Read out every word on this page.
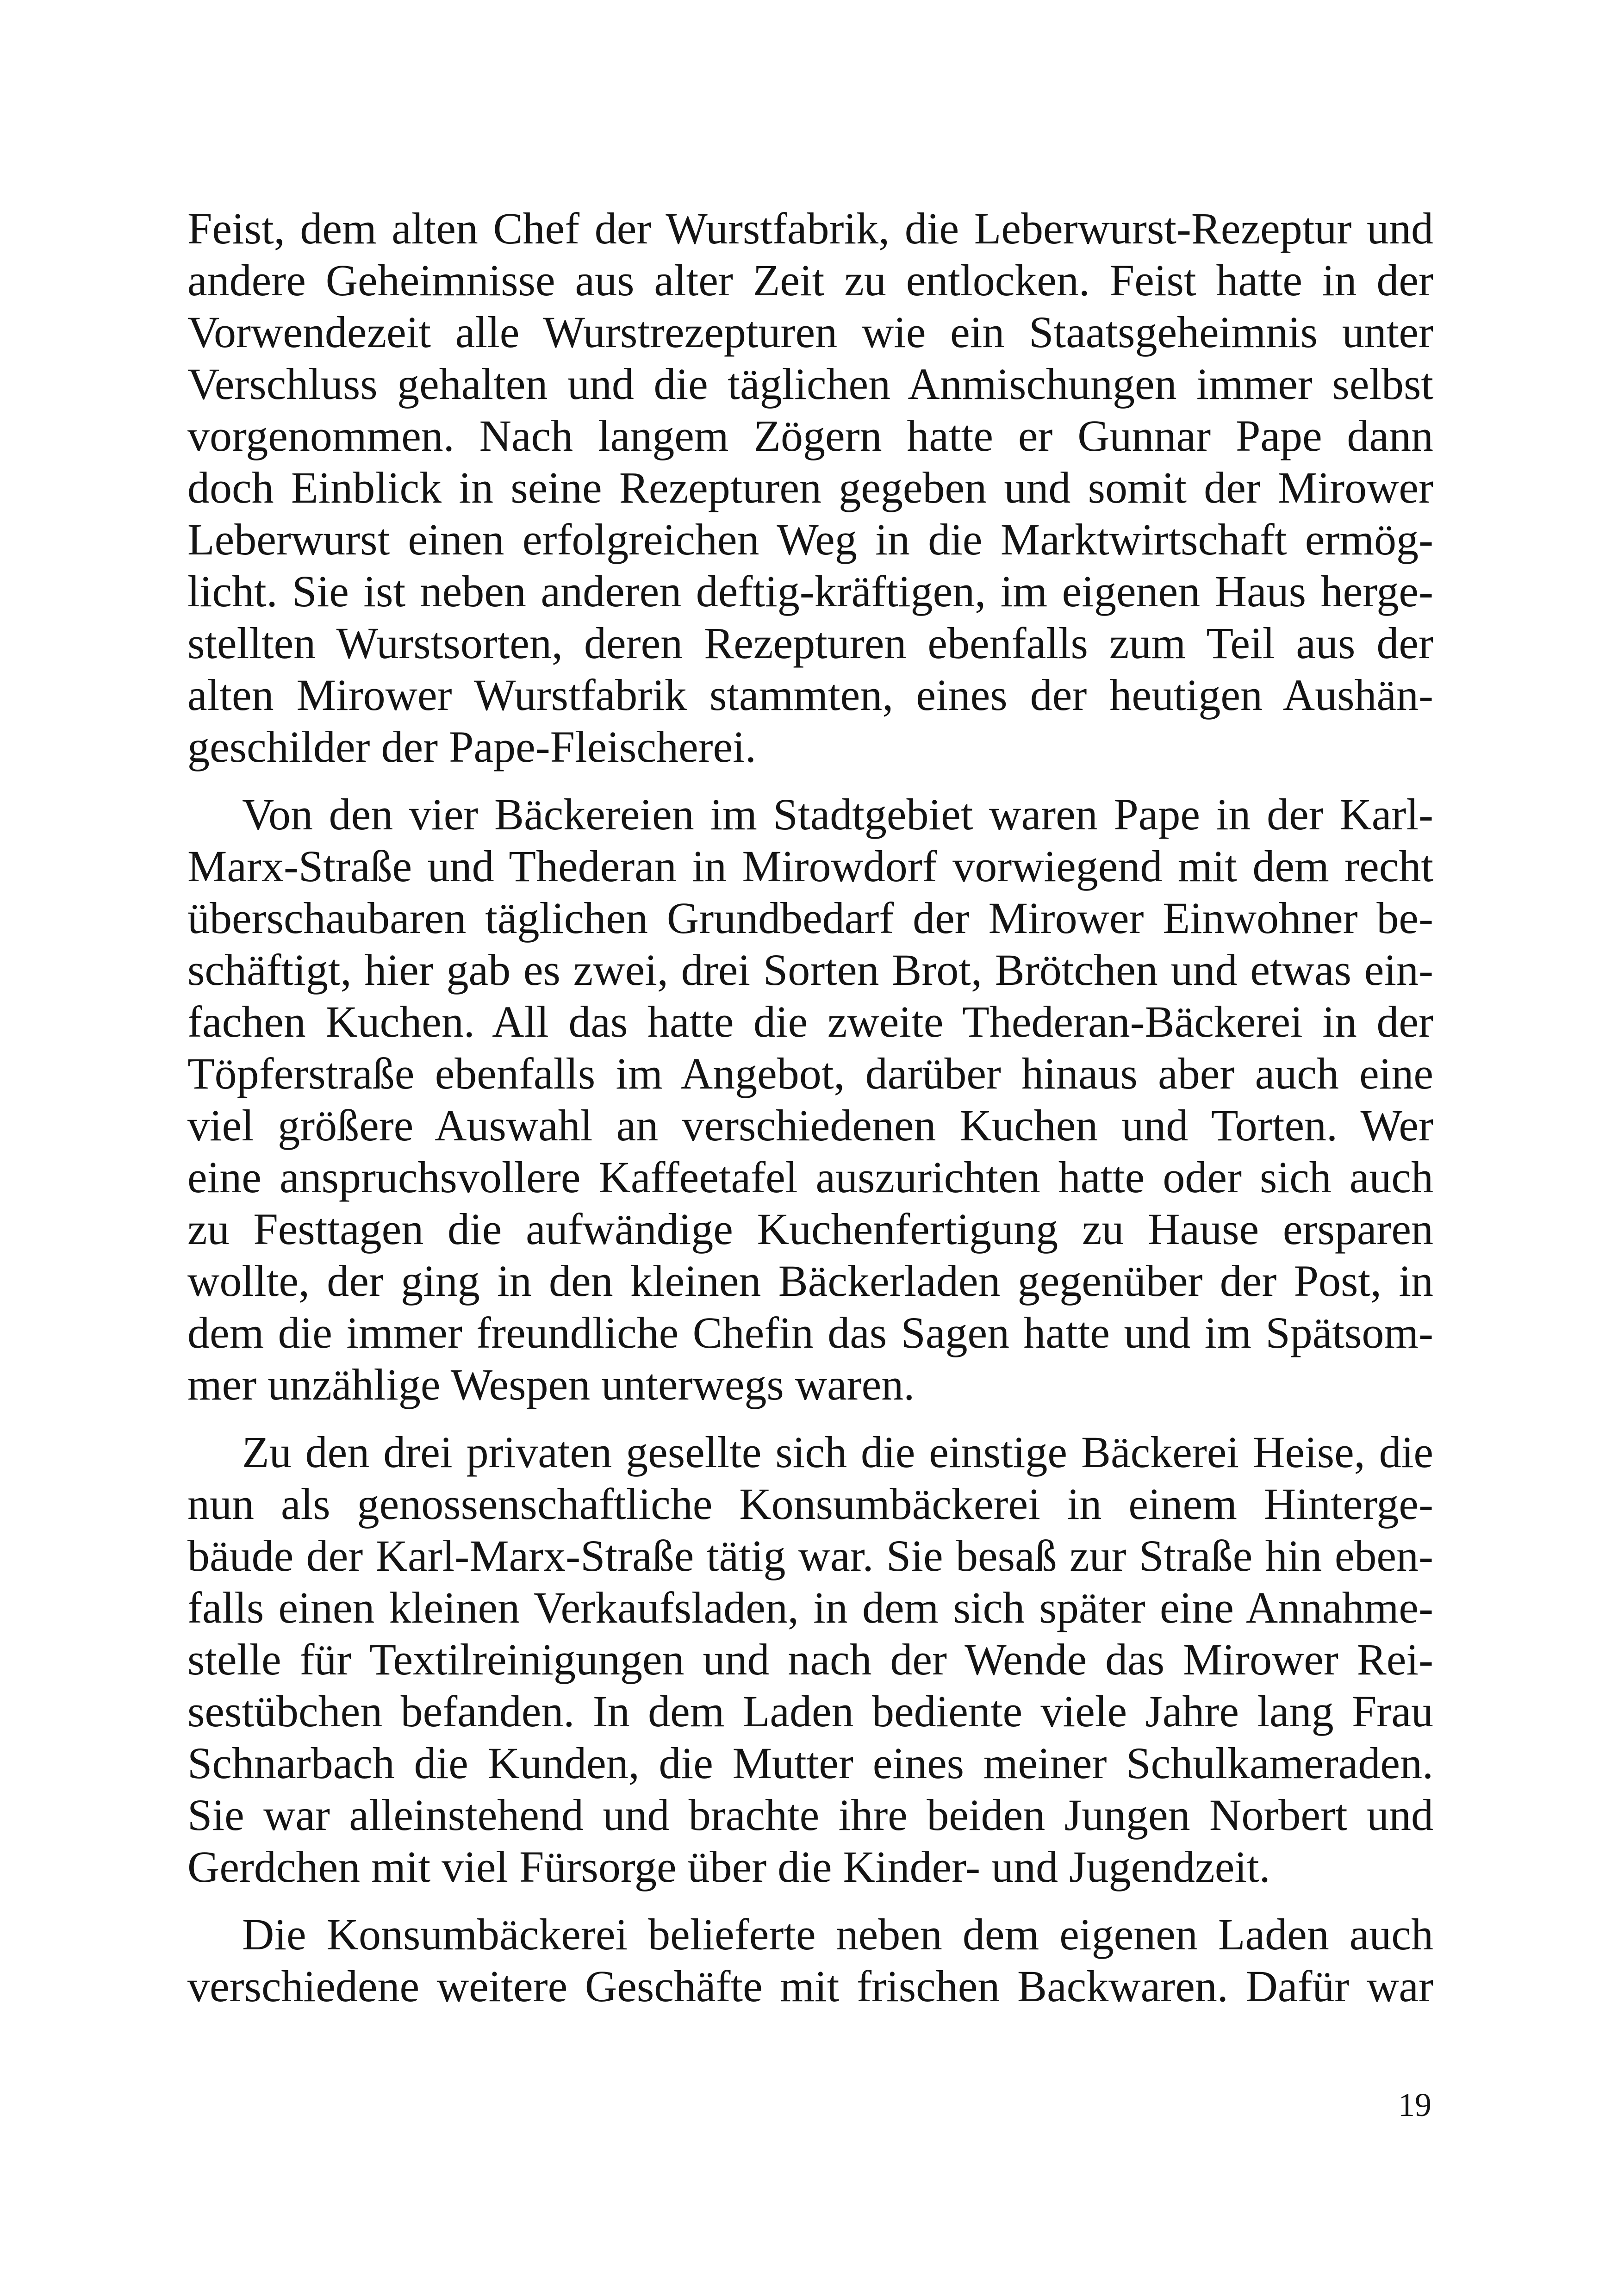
Feist, dem alten Chef der Wurstfabrik, die Leberwurst-Rezeptur und
andere Geheimnisse aus alter Zeit zu entlocken. Feist hatte in der
Vorwendezeit alle Wurstrezepturen wie ein Staatsgeheimnis unter
Verschluss gehalten und die täglichen Anmischungen immer selbst
vorgenommen. Nach langem Zögern hatte er Gunnar Pape dann
doch Einblick in seine Rezepturen gegeben und somit der Mirower
Leberwurst einen erfolgreichen Weg in die Marktwirtschaft ermög-
licht. Sie ist neben anderen deftig-kräftigen, im eigenen Haus herge-
stellten Wurstsorten, deren Rezepturen ebenfalls zum Teil aus der
alten Mirower Wurstfabrik stammten, eines der heutigen Aushän-
geschilder der Pape-Fleischerei.
Von den vier Bäckereien im Stadtgebiet waren Pape in der Karl-
Marx-Straße und Thederan in Mirowdorf vorwiegend mit dem recht
überschaubaren täglichen Grundbedarf der Mirower Einwohner be-
schäftigt, hier gab es zwei, drei Sorten Brot, Brötchen und etwas ein-
fachen Kuchen. All das hatte die zweite Thederan-Bäckerei in der
Töpferstraße ebenfalls im Angebot, darüber hinaus aber auch eine
viel größere Auswahl an verschiedenen Kuchen und Torten. Wer
eine anspruchsvollere Kaffeetafel auszurichten hatte oder sich auch
zu Festtagen die aufwändige Kuchenfertigung zu Hause ersparen
wollte, der ging in den kleinen Bäckerladen gegenüber der Post, in
dem die immer freundliche Chefin das Sagen hatte und im Spätsom-
mer unzählige Wespen unterwegs waren.
Zu den drei privaten gesellte sich die einstige Bäckerei Heise, die
nun als genossenschaftliche Konsumbäckerei in einem Hinterge-
bäude der Karl-Marx-Straße tätig war. Sie besaß zur Straße hin eben-
falls einen kleinen Verkaufsladen, in dem sich später eine Annahme-
stelle für Textilreinigungen und nach der Wende das Mirower Rei-
sestübchen befanden. In dem Laden bediente viele Jahre lang Frau
Schnarbach die Kunden, die Mutter eines meiner Schulkameraden.
Sie war alleinstehend und brachte ihre beiden Jungen Norbert und
Gerdchen mit viel Fürsorge über die Kinder- und Jugendzeit.
Die Konsumbäckerei belieferte neben dem eigenen Laden auch
verschiedene weitere Geschäfte mit frischen Backwaren. Dafür war
19
